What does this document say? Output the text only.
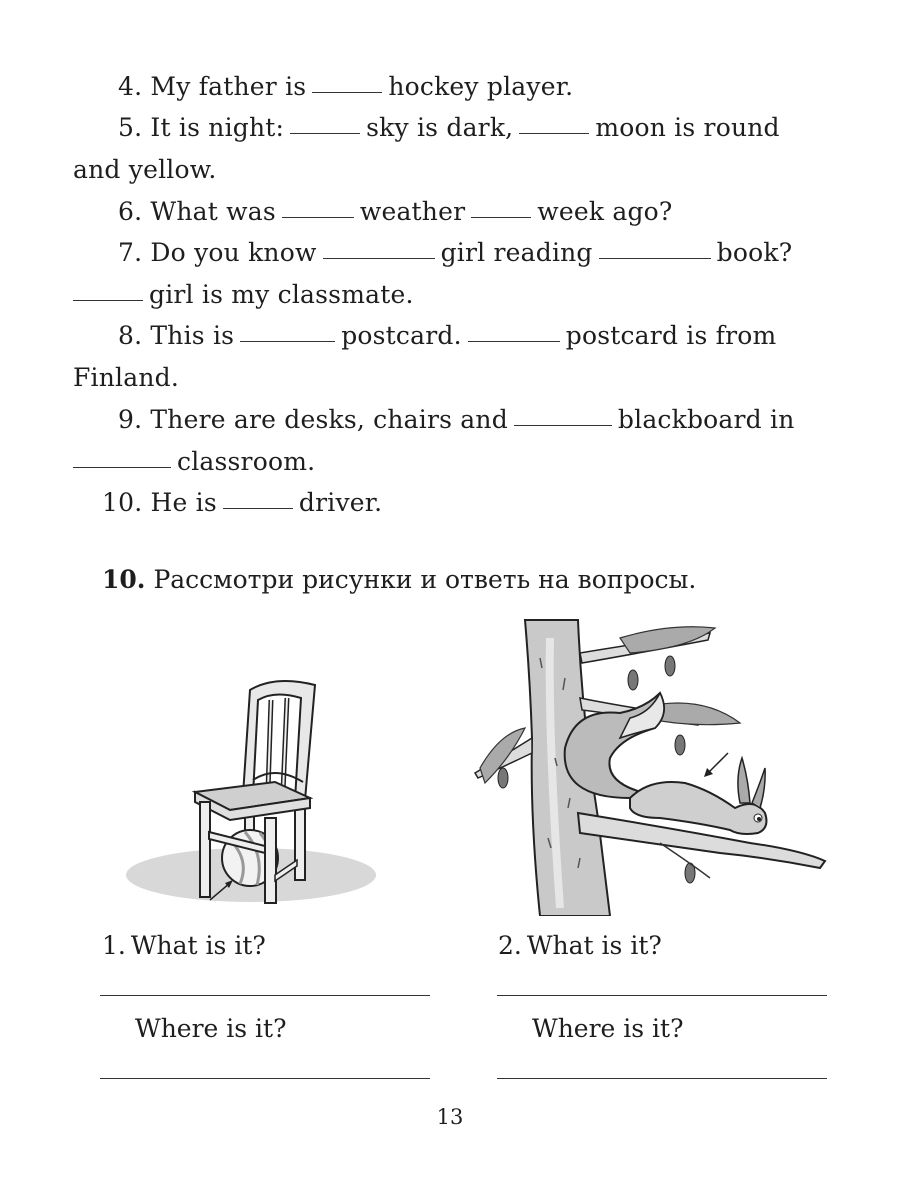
4. My father is	hockey player.
5. It is night:	sky is dark,	moon is round
and yellow.
6. What was	weather	week ago?
7. Do you know	girl reading	book?
girl is my classmate.
8. This is	postcard.	postcard is from
Finland.
9. There are desks, chairs and	blackboard in
classroom.
10. He is	driver.
10. Рассмотри рисунки и ответь на вопросы.
1. What is it?
Where is it?
2. What is it?
Where is it?
13
